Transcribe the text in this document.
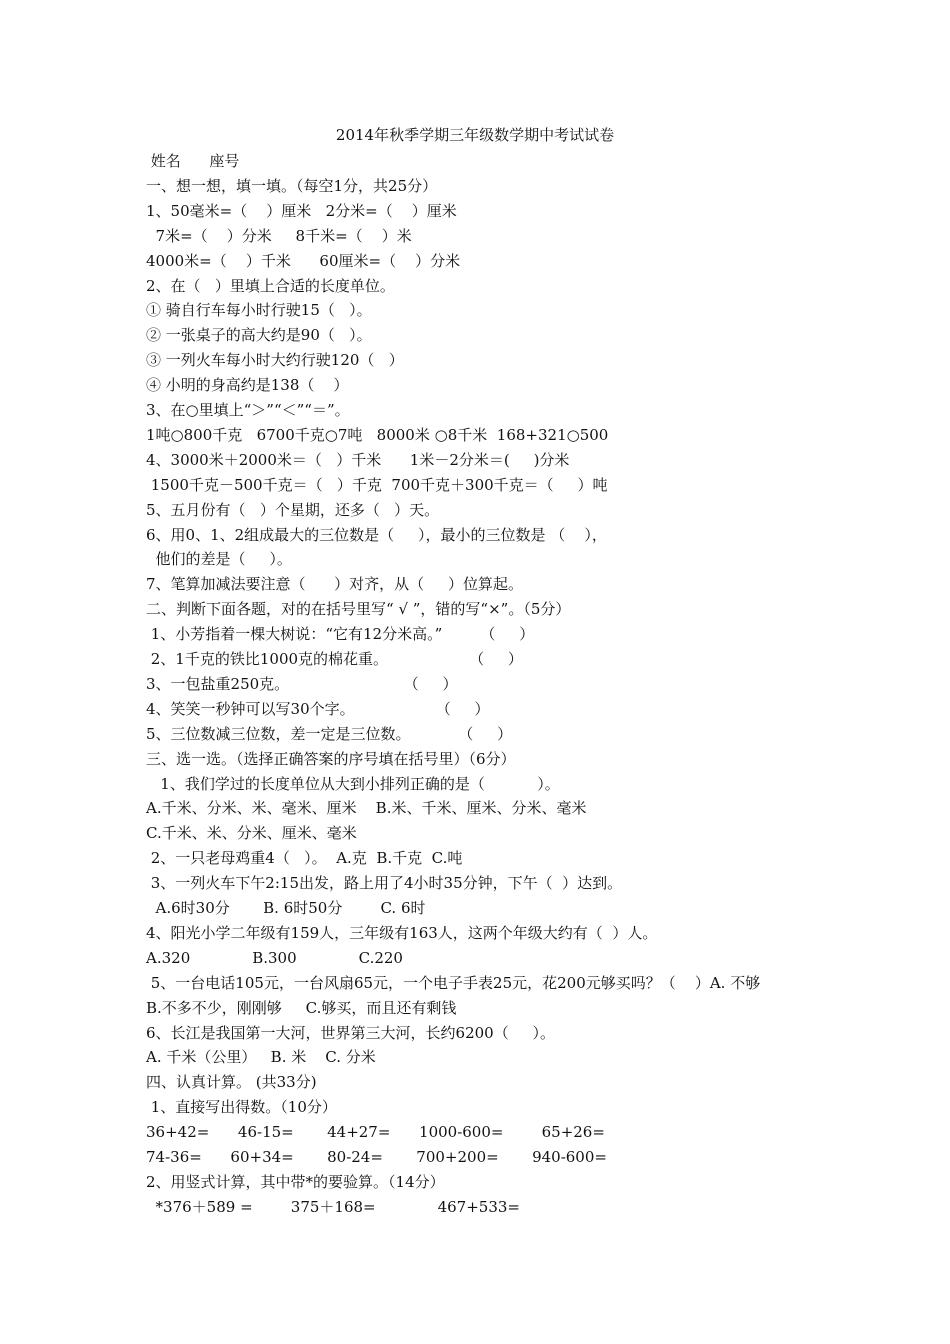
2014年秋季学期三年级数学期中考试试卷
姓名      座号
一、想一想，填一填。（每空1分，共25分）
1、50毫米=（    ）厘米   2分米=（    ）厘米
7米=（    ）分米     8千米=（    ）米
4000米=（    ）千米      60厘米=（    ）分米
2、在（   ）里填上合适的长度单位。
① 骑自行车每小时行驶15（   ）。
② 一张桌子的高大约是90（   ）。
③ 一列火车每小时大约行驶120（   ）
④ 小明的身高约是138（    ）
3、在○里填上“＞”“＜”“＝”。
1吨○800千克   6700千克○7吨   8000米 ○8千米  168+321○500
4、3000米＋2000米＝（   ）千米      1米－2分米＝(     )分米
1500千克－500千克＝（   ）千克  700千克＋300千克＝（     ）吨
5、五月份有（   ）个星期，还多（   ）天。
6、用0、1、2组成最大的三位数是（     ），最小的三位数是 （    ），
他们的差是（     ）。
7、笔算加减法要注意（      ）对齐，从（     ）位算起。
二、判断下面各题，对的在括号里写“ √ ”，错的写“×”。（5分）
1、小芳指着一棵大树说：“它有12分米高。”        （     ）
2、1千克的铁比1000克的棉花重。                 （     ）
3、一包盐重250克。                        （     ）
4、笑笑一秒钟可以写30个字。                 （     ）
5、三位数减三位数，差一定是三位数。          （     ）
三、选一选。（选择正确答案的序号填在括号里）（6分）
1、我们学过的长度单位从大到小排列正确的是（           ）。
A.千米、分米、米、毫米、厘米    B.米、千米、厘米、分米、毫米
C.千米、米、分米、厘米、毫米
2、一只老母鸡重4（   ）。  A.克  B.千克  C.吨
3、一列火车下午2:15出发，路上用了4小时35分钟，下午（  ）达到。
A.6时30分       B. 6时50分        C. 6时
4、阳光小学二年级有159人，三年级有163人，这两个年级大约有（  ）人。
A.320             B.300             C.220
5、一台电话105元，一台风扇65元，一个电子手表25元，花200元够买吗？（    ）A. 不够
B.不多不少，刚刚够     C.够买，而且还有剩钱
6、长江是我国第一大河，世界第三大河，长约6200（     ）。
A. 千米（公里）   B. 米    C. 分米
四、认真计算。 (共33分)
1、直接写出得数。（10分）
36+42=      46-15=       44+27=      1000-600=        65+26=
74-36=      60+34=       80-24=       700+200=       940-600=
2、用竖式计算，其中带*的要验算。（14分）
*376＋589 =        375＋168=             467+533=
